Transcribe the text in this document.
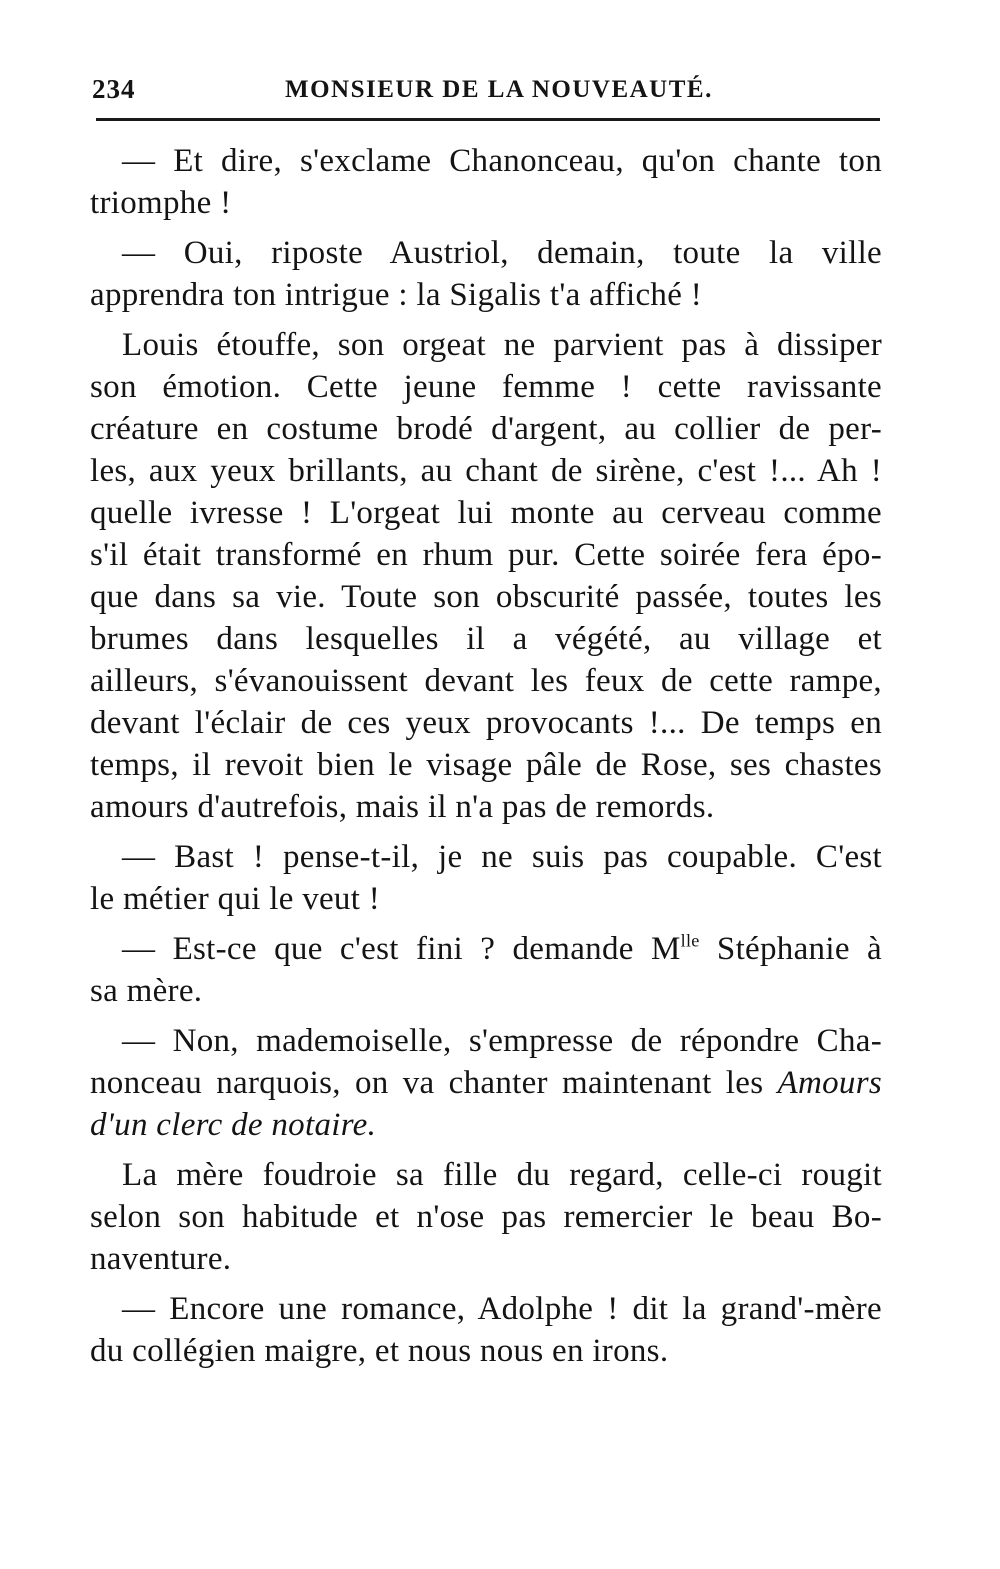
234	MONSIEUR DE LA NOUVEAUTÉ.

— Et dire, s'exclame Chanonceau, qu'on chante ton
triomphe !

— Oui, riposte Austriol, demain, toute la ville
apprendra ton intrigue : la Sigalis t'a affiché !

Louis étouffe, son orgeat ne parvient pas à dissiper
son émotion. Cette jeune femme ! cette ravissante
créature en costume brodé d'argent, au collier de per-
les, aux yeux brillants, au chant de sirène, c'est !... Ah !
quelle ivresse ! L'orgeat lui monte au cerveau comme
s'il était transformé en rhum pur. Cette soirée fera épo-
que dans sa vie. Toute son obscurité passée, toutes les
brumes dans lesquelles il a végété, au village et
ailleurs, s'évanouissent devant les feux de cette rampe,
devant l'éclair de ces yeux provocants !... De temps en
temps, il revoit bien le visage pâle de Rose, ses chastes
amours d'autrefois, mais il n'a pas de remords.

— Bast ! pense-t-il, je ne suis pas coupable. C'est
le métier qui le veut !

— Est-ce que c'est fini ? demande $M^{lle}$ Stéphanie à
sa mère.

— Non, mademoiselle, s'empresse de répondre Cha-
nonceau narquois, on va chanter maintenant les Amours
d'un clerc de notaire.

La mère foudroie sa fille du regard, celle-ci rougit
selon son habitude et n'ose pas remercier le beau Bo-
naventure.

— Encore une romance, Adolphe ! dit la grand'-mère
du collégien maigre, et nous nous en irons.
